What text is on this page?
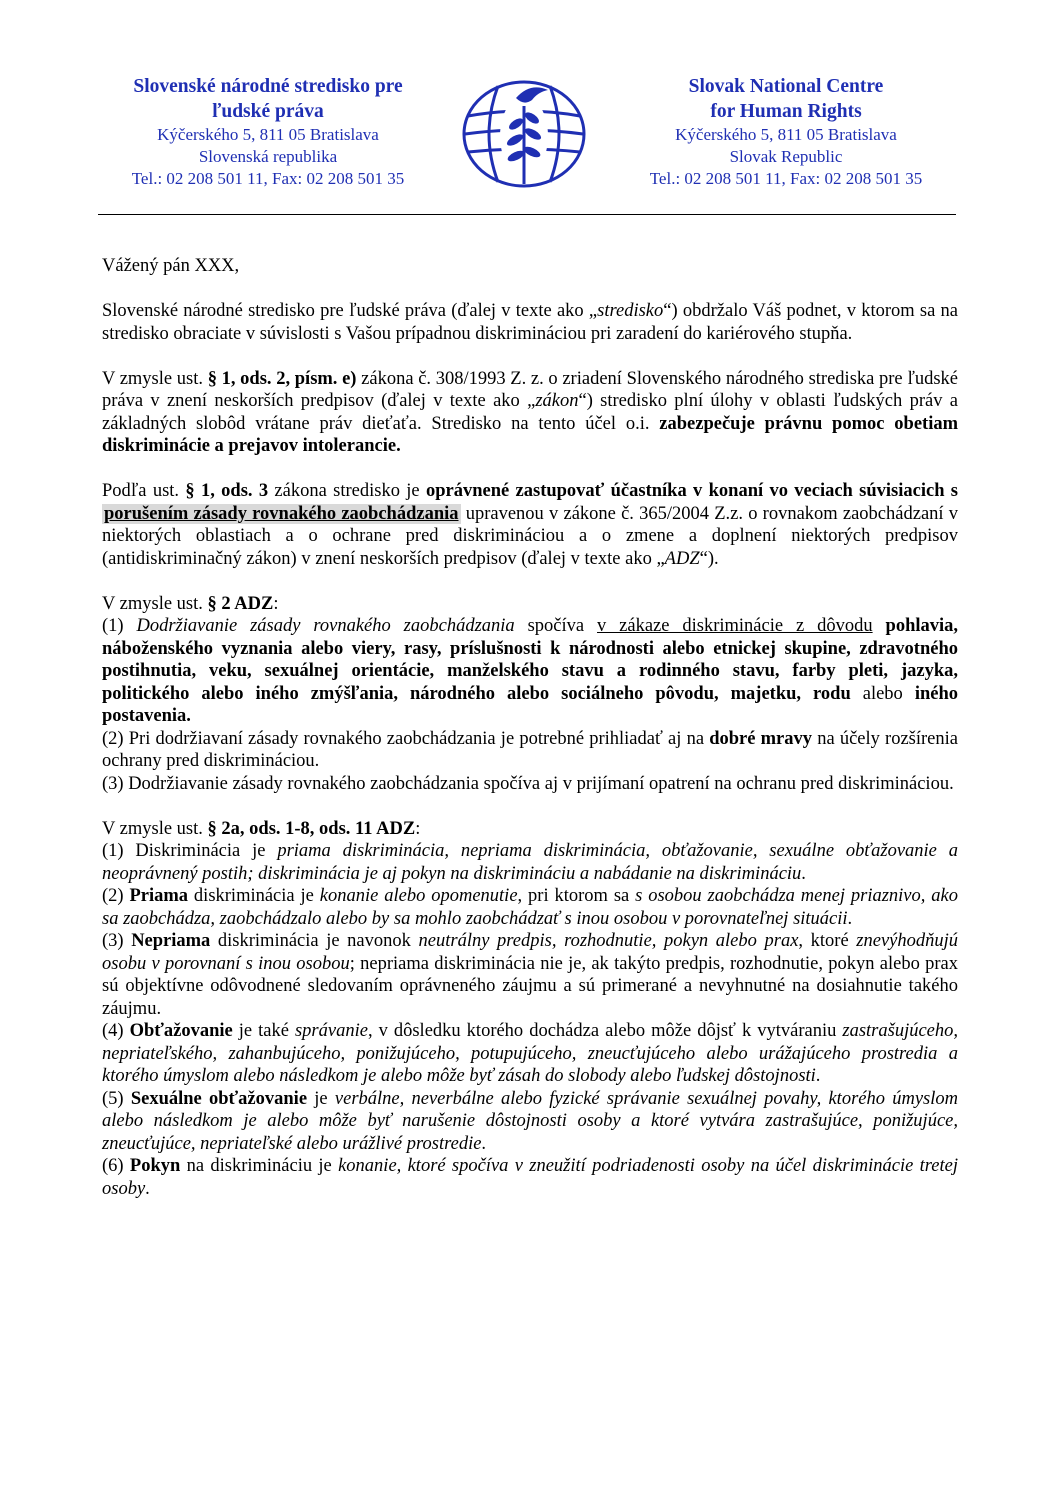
Slovenské národné stredisko pre

ľudské práva

Kýčerského 5, 811 05 Bratislava

Slovenská republika

Tel.: 02 208 501 11, Fax: 02 208 501 35

Slovak National Centre

for Human Rights

Kýčerského 5, 811 05 Bratislava

Slovak Republic

Tel.: 02 208 501 11, Fax: 02 208 501 35

Vážený pán XXX,

Slovenské národné stredisko pre ľudské práva (ďalej v texte ako „stredisko“) obdržalo Váš podnet, v ktorom sa na stredisko obraciate v súvislosti s Vašou prípadnou diskrimináciou pri zaradení do kariérového stupňa.

V zmysle ust. § 1, ods. 2, písm. e) zákona č. 308/1993 Z. z. o zriadení Slovenského národného strediska pre ľudské práva v znení neskorších predpisov (ďalej v texte ako „zákon“) stredisko plní úlohy v oblasti ľudských práv a základných slobôd vrátane práv dieťaťa. Stredisko na tento účel o.i. zabezpečuje právnu pomoc obetiam diskriminácie a prejavov intolerancie.

Podľa ust. § 1, ods. 3 zákona stredisko je oprávnené zastupovať účastníka v konaní vo veciach súvisiacich s porušením zásady rovnakého zaobchádzania upravenou v zákone č. 365/2004 Z.z. o rovnakom zaobchádzaní v niektorých oblastiach a o ochrane pred diskrimináciou a o zmene a doplnení niektorých predpisov (antidiskriminačný zákon) v znení neskorších predpisov (ďalej v texte ako „ADZ“).

V zmysle ust. § 2 ADZ:

(1) Dodržiavanie zásady rovnakého zaobchádzania spočíva v zákaze diskriminácie z dôvodu pohlavia, náboženského vyznania alebo viery, rasy, príslušnosti k národnosti alebo etnickej skupine, zdravotného postihnutia, veku, sexuálnej orientácie, manželského stavu a rodinného stavu, farby pleti, jazyka, politického alebo iného zmýšľania, národného alebo sociálneho pôvodu, majetku, rodu alebo iného postavenia.

(2) Pri dodržiavaní zásady rovnakého zaobchádzania je potrebné prihliadať aj na dobré mravy na účely rozšírenia ochrany pred diskrimináciou.

(3) Dodržiavanie zásady rovnakého zaobchádzania spočíva aj v prijímaní opatrení na ochranu pred diskrimináciou.

V zmysle ust. § 2a, ods. 1-8, ods. 11 ADZ:

(1) Diskriminácia je priama diskriminácia, nepriama diskriminácia, obťažovanie, sexuálne obťažovanie a neoprávnený postih; diskriminácia je aj pokyn na diskrimináciu a nabádanie na diskrimináciu.

(2) Priama diskriminácia je konanie alebo opomenutie, pri ktorom sa s osobou zaobchádza menej priaznivo, ako sa zaobchádza, zaobchádzalo alebo by sa mohlo zaobchádzať s inou osobou v porovnateľnej situácii.

(3) Nepriama diskriminácia je navonok neutrálny predpis, rozhodnutie, pokyn alebo prax, ktoré znevýhodňujú osobu v porovnaní s inou osobou; nepriama diskriminácia nie je, ak takýto predpis, rozhodnutie, pokyn alebo prax sú objektívne odôvodnené sledovaním oprávneného záujmu a sú primerané a nevyhnutné na dosiahnutie takého záujmu.

(4) Obťažovanie je také správanie, v dôsledku ktorého dochádza alebo môže dôjsť k vytváraniu zastrašujúceho, nepriateľského, zahanbujúceho, ponižujúceho, potupujúceho, zneucťujúceho alebo urážajúceho prostredia a ktorého úmyslom alebo následkom je alebo môže byť zásah do slobody alebo ľudskej dôstojnosti.

(5) Sexuálne obťažovanie je verbálne, neverbálne alebo fyzické správanie sexuálnej povahy, ktorého úmyslom alebo následkom je alebo môže byť narušenie dôstojnosti osoby a ktoré vytvára zastrašujúce, ponižujúce, zneucťujúce, nepriateľské alebo urážlivé prostredie.

(6) Pokyn na diskrimináciu je konanie, ktoré spočíva v zneužití podriadenosti osoby na účel diskriminácie tretej osoby.
